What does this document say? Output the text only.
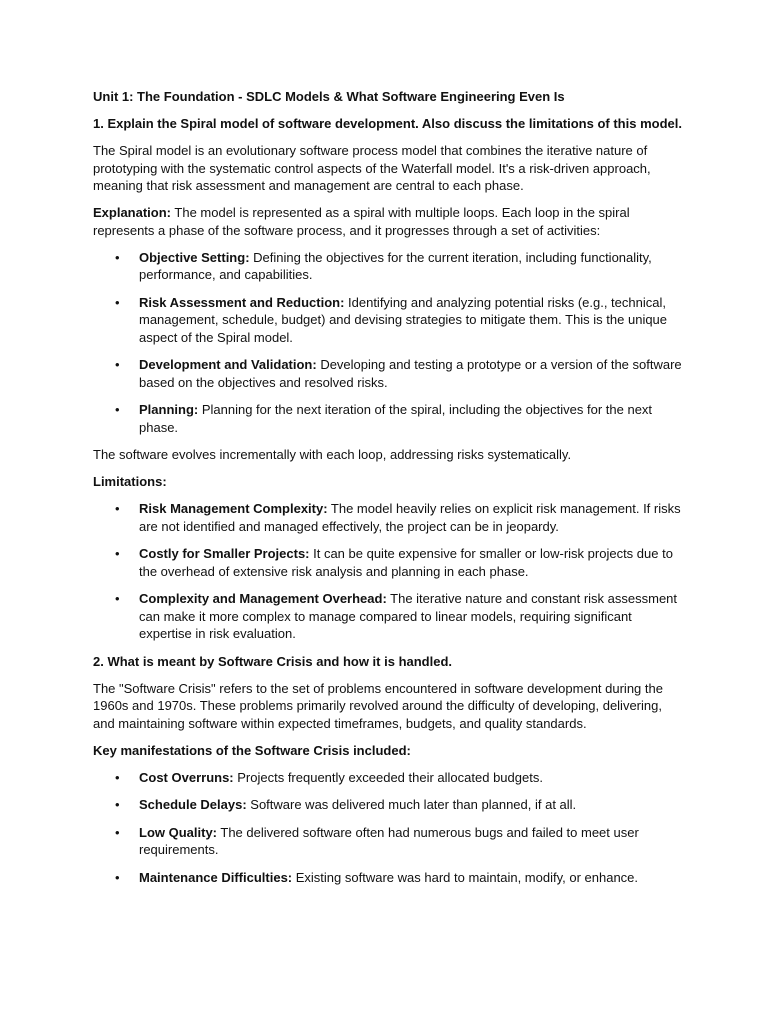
Unit 1: The Foundation - SDLC Models & What Software Engineering Even Is

1. Explain the Spiral model of software development. Also discuss the limitations of this model.

The Spiral model is an evolutionary software process model that combines the iterative nature of prototyping with the systematic control aspects of the Waterfall model. It's a risk-driven approach, meaning that risk assessment and management are central to each phase.

Explanation: The model is represented as a spiral with multiple loops. Each loop in the spiral represents a phase of the software process, and it progresses through a set of activities:

• Objective Setting: Defining the objectives for the current iteration, including functionality, performance, and capabilities.
• Risk Assessment and Reduction: Identifying and analyzing potential risks (e.g., technical, management, schedule, budget) and devising strategies to mitigate them. This is the unique aspect of the Spiral model.
• Development and Validation: Developing and testing a prototype or a version of the software based on the objectives and resolved risks.
• Planning: Planning for the next iteration of the spiral, including the objectives for the next phase.

The software evolves incrementally with each loop, addressing risks systematically.

Limitations:

• Risk Management Complexity: The model heavily relies on explicit risk management. If risks are not identified and managed effectively, the project can be in jeopardy.
• Costly for Smaller Projects: It can be quite expensive for smaller or low-risk projects due to the overhead of extensive risk analysis and planning in each phase.
• Complexity and Management Overhead: The iterative nature and constant risk assessment can make it more complex to manage compared to linear models, requiring significant expertise in risk evaluation.

2. What is meant by Software Crisis and how it is handled.

The "Software Crisis" refers to the set of problems encountered in software development during the 1960s and 1970s. These problems primarily revolved around the difficulty of developing, delivering, and maintaining software within expected timeframes, budgets, and quality standards.

Key manifestations of the Software Crisis included:

• Cost Overruns: Projects frequently exceeded their allocated budgets.
• Schedule Delays: Software was delivered much later than planned, if at all.
• Low Quality: The delivered software often had numerous bugs and failed to meet user requirements.
• Maintenance Difficulties: Existing software was hard to maintain, modify, or enhance.
